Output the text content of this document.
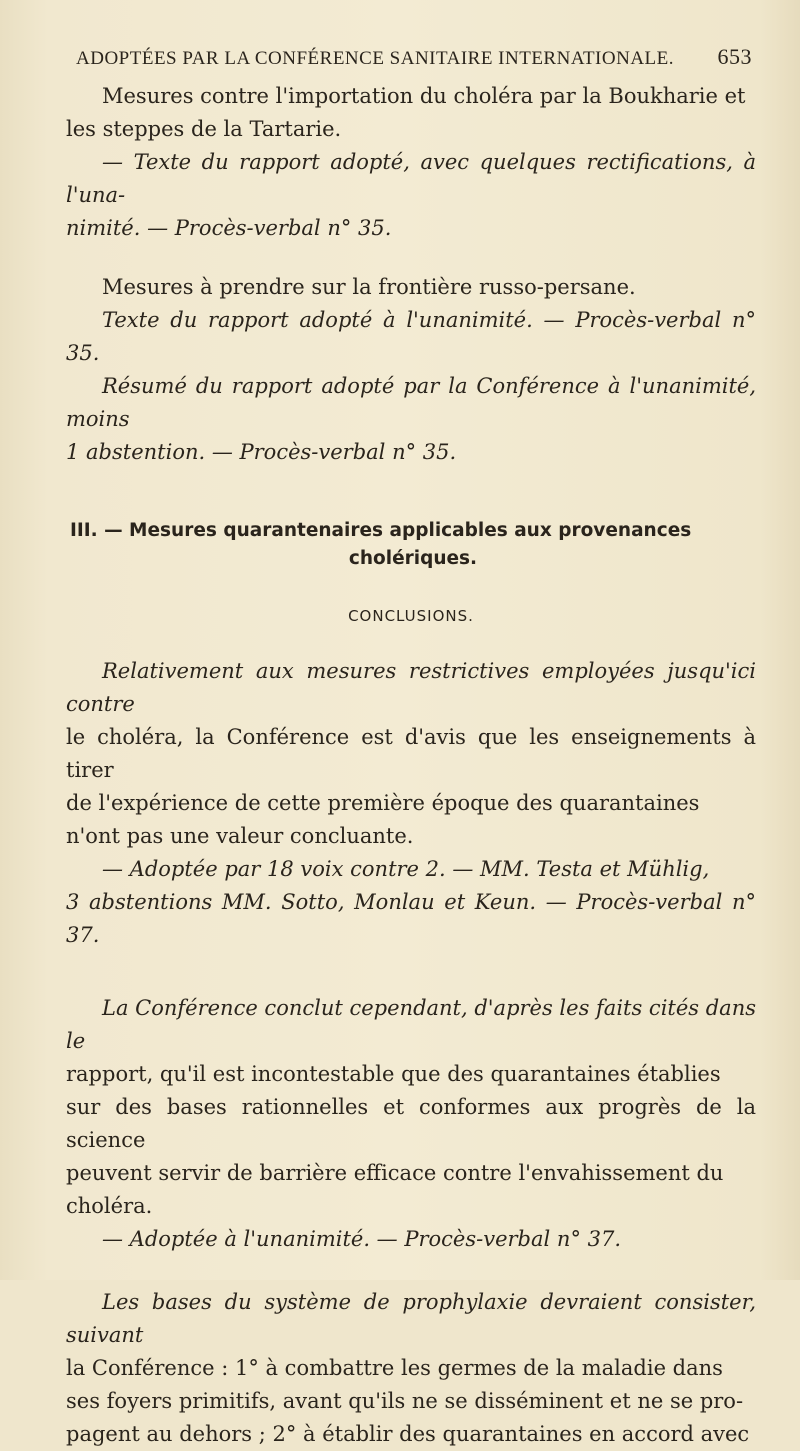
ADOPTÉES PAR LA CONFÉRENCE SANITAIRE INTERNATIONALE. 653

Mesures contre l'importation du choléra par la Boukharie et

les steppes de la Tartarie.

— Texte du rapport adopté, avec quelques rectifications, à l'una-

nimité. — Procès-verbal n° 35.

Mesures à prendre sur la frontière russo-persane.

Texte du rapport adopté à l'unanimité. — Procès-verbal n° 35.

Résumé du rapport adopté par la Conférence à l'unanimité, moins

1 abstention. — Procès-verbal n° 35.

III. — Mesures quarantenaires applicables aux provenances

cholériques.

CONCLUSIONS.

Relativement aux mesures restrictives employées jusqu'ici contre

le choléra, la Conférence est d'avis que les enseignements à tirer

de l'expérience de cette première époque des quarantaines

n'ont pas une valeur concluante.

— Adoptée par 18 voix contre 2. — MM. Testa et Mühlig,

3 abstentions MM. Sotto, Monlau et Keun. — Procès-verbal n° 37.

La Conférence conclut cependant, d'après les faits cités dans le

rapport, qu'il est incontestable que des quarantaines établies

sur des bases rationnelles et conformes aux progrès de la science

peuvent servir de barrière efficace contre l'envahissement du

choléra.

— Adoptée à l'unanimité. — Procès-verbal n° 37.

Les bases du système de prophylaxie devraient consister, suivant

la Conférence : 1° à combattre les germes de la maladie dans

ses foyers primitifs, avant qu'ils ne se disséminent et ne se pro-

pagent au dehors ; 2° à établir des quarantaines en accord avec
